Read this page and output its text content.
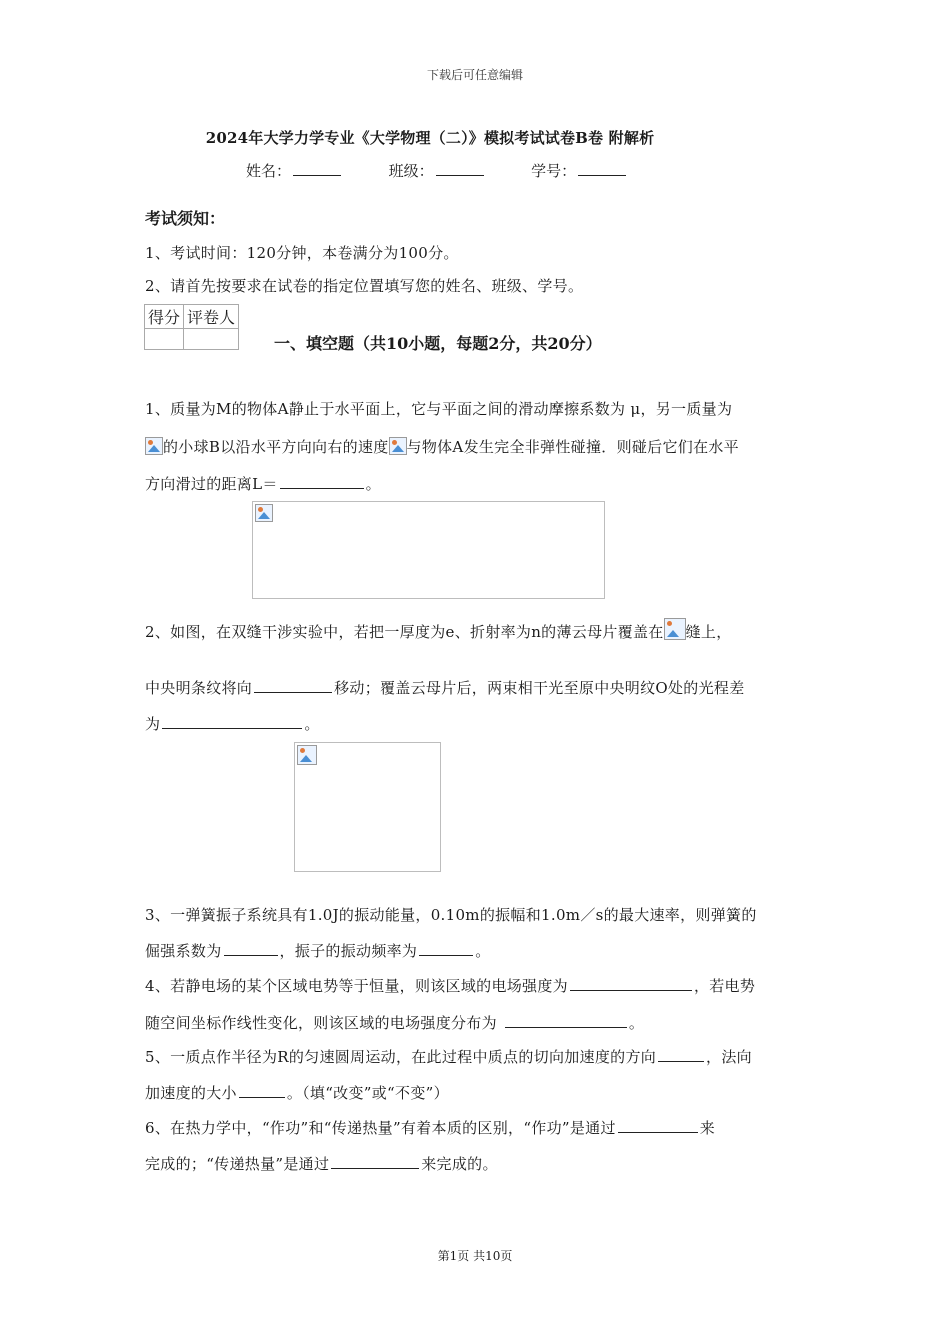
下载后可任意编辑
2024年大学力学专业《大学物理（二）》模拟考试试卷B卷 附解析
姓名：	班级：	学号：
考试须知：
1、考试时间：120分钟，本卷满分为100分。
2、请首先按要求在试卷的指定位置填写您的姓名、班级、学号。
得分	评卷人

一、填空题（共10小题，每题2分，共20分）
1、质量为M的物体A静止于水平面上，它与平面之间的滑动摩擦系数为 μ，另一质量为
的小球B以沿水平方向向右的速度 与物体A发生完全非弹性碰撞．则碰后它们在水平
方向滑过的距离L＝	。
2、如图，在双缝干涉实验中，若把一厚度为e、折射率为n的薄云母片覆盖在 缝上，
中央明条纹将向	移动；覆盖云母片后，两束相干光至原中央明纹O处的光程差
为	。
3、一弹簧振子系统具有1.0J的振动能量，0.10m的振幅和1.0m／s的最大速率，则弹簧的
倔强系数为	，振子的振动频率为	。
4、若静电场的某个区域电势等于恒量，则该区域的电场强度为	，若电势
随空间坐标作线性变化，则该区域的电场强度分布为	。
5、一质点作半径为R的匀速圆周运动，在此过程中质点的切向加速度的方向	，法向
加速度的大小	。（填“改变”或“不变”）
6、在热力学中，“作功”和“传递热量”有着本质的区别，“作功”是通过	来
完成的；“传递热量”是通过	来完成的。
第1页 共10页
